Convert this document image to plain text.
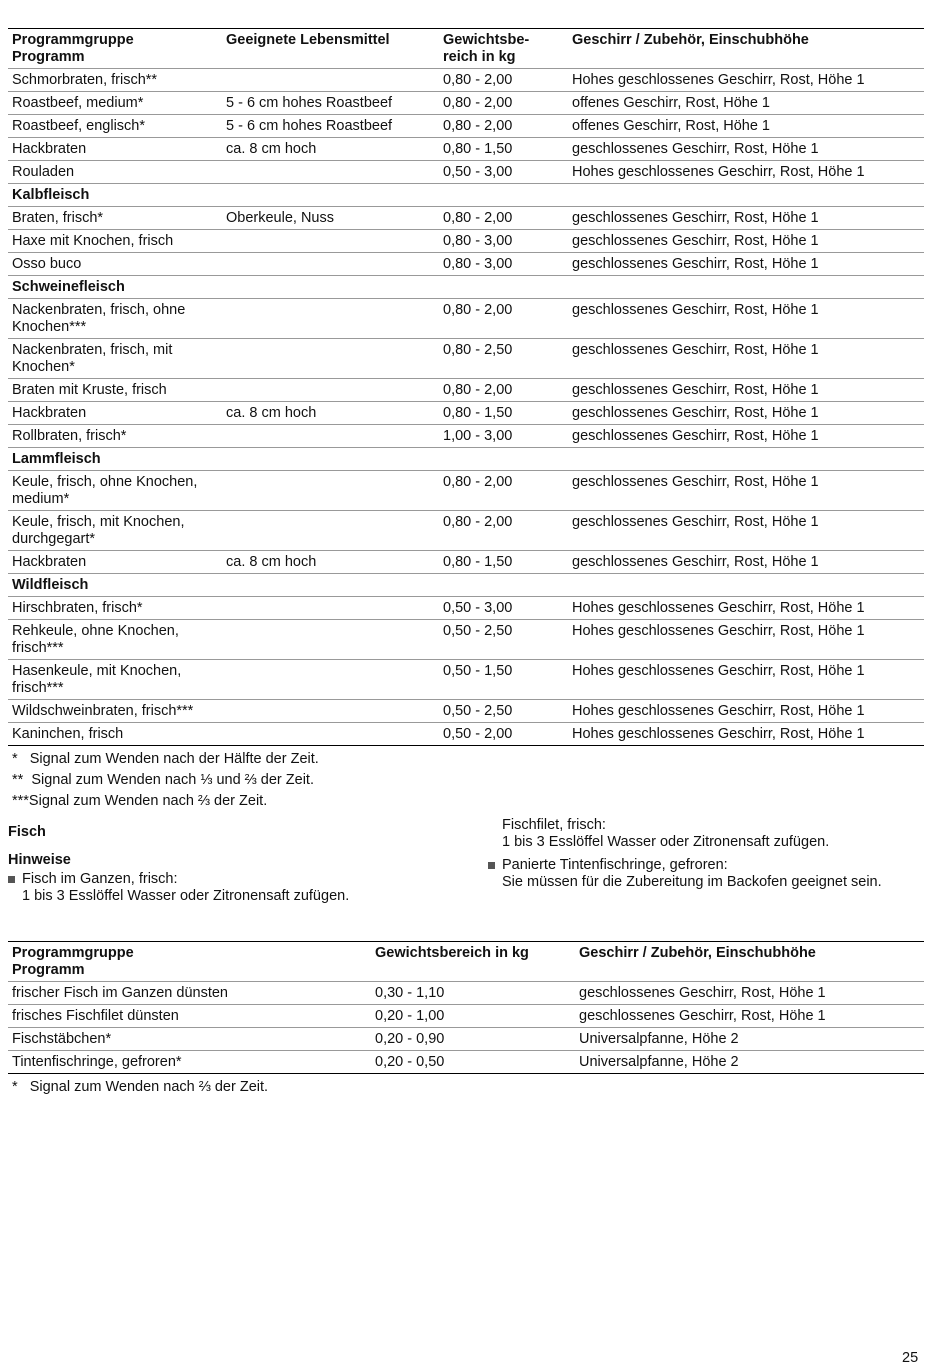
Programmgruppe
Programm	Geeignete Lebensmittel	Gewichtsbe-
reich in kg	Geschirr / Zubehör, Einschubhöhe
Schmorbraten, frisch**		0,80 - 2,00	Hohes geschlossenes Geschirr, Rost, Höhe 1
Roastbeef, medium*	5 - 6 cm hohes Roastbeef	0,80 - 2,00	offenes Geschirr, Rost, Höhe 1
Roastbeef, englisch*	5 - 6 cm hohes Roastbeef	0,80 - 2,00	offenes Geschirr, Rost, Höhe 1
Hackbraten	ca. 8 cm hoch	0,80 - 1,50	geschlossenes Geschirr, Rost, Höhe 1
Rouladen		0,50 - 3,00	Hohes geschlossenes Geschirr, Rost, Höhe 1
Kalbfleisch			
Braten, frisch*	Oberkeule, Nuss	0,80 - 2,00	geschlossenes Geschirr, Rost, Höhe 1
Haxe mit Knochen, frisch		0,80 - 3,00	geschlossenes Geschirr, Rost, Höhe 1
Osso buco		0,80 - 3,00	geschlossenes Geschirr, Rost, Höhe 1
Schweinefleisch			
Nackenbraten, frisch, ohne
Knochen***		0,80 - 2,00	geschlossenes Geschirr, Rost, Höhe 1
Nackenbraten, frisch, mit
Knochen*		0,80 - 2,50	geschlossenes Geschirr, Rost, Höhe 1
Braten mit Kruste, frisch		0,80 - 2,00	geschlossenes Geschirr, Rost, Höhe 1
Hackbraten	ca. 8 cm hoch	0,80 - 1,50	geschlossenes Geschirr, Rost, Höhe 1
Rollbraten, frisch*		1,00 - 3,00	geschlossenes Geschirr, Rost, Höhe 1
Lammfleisch			
Keule, frisch, ohne Knochen,
medium*		0,80 - 2,00	geschlossenes Geschirr, Rost, Höhe 1
Keule, frisch, mit Knochen,
durchgegart*		0,80 - 2,00	geschlossenes Geschirr, Rost, Höhe 1
Hackbraten	ca. 8 cm hoch	0,80 - 1,50	geschlossenes Geschirr, Rost, Höhe 1
Wildfleisch			
Hirschbraten, frisch*		0,50 - 3,00	Hohes geschlossenes Geschirr, Rost, Höhe 1
Rehkeule, ohne Knochen,
frisch***		0,50 - 2,50	Hohes geschlossenes Geschirr, Rost, Höhe 1
Hasenkeule, mit Knochen,
frisch***		0,50 - 1,50	Hohes geschlossenes Geschirr, Rost, Höhe 1
Wildschweinbraten, frisch***		0,50 - 2,50	Hohes geschlossenes Geschirr, Rost, Höhe 1
Kaninchen, frisch		0,50 - 2,00	Hohes geschlossenes Geschirr, Rost, Höhe 1
*   Signal zum Wenden nach der Hälfte der Zeit.
**  Signal zum Wenden nach ⅓ und ⅔ der Zeit.
***Signal zum Wenden nach ⅔ der Zeit.
Fisch
Hinweise
Fisch im Ganzen, frisch:
1 bis 3 Esslöffel Wasser oder Zitronensaft zufügen.
Fischfilet, frisch:
1 bis 3 Esslöffel Wasser oder Zitronensaft zufügen.
Panierte Tintenfischringe, gefroren:
Sie müssen für die Zubereitung im Backofen geeignet sein.
Programmgruppe
Programm	Gewichtsbereich in kg	Geschirr / Zubehör, Einschubhöhe
frischer Fisch im Ganzen dünsten	0,30 - 1,10	geschlossenes Geschirr, Rost, Höhe 1
frisches Fischfilet dünsten	0,20 - 1,00	geschlossenes Geschirr, Rost, Höhe 1
Fischstäbchen*	0,20 - 0,90	Universalpfanne, Höhe 2
Tintenfischringe, gefroren*	0,20 - 0,50	Universalpfanne, Höhe 2
*   Signal zum Wenden nach ⅔ der Zeit.
25
